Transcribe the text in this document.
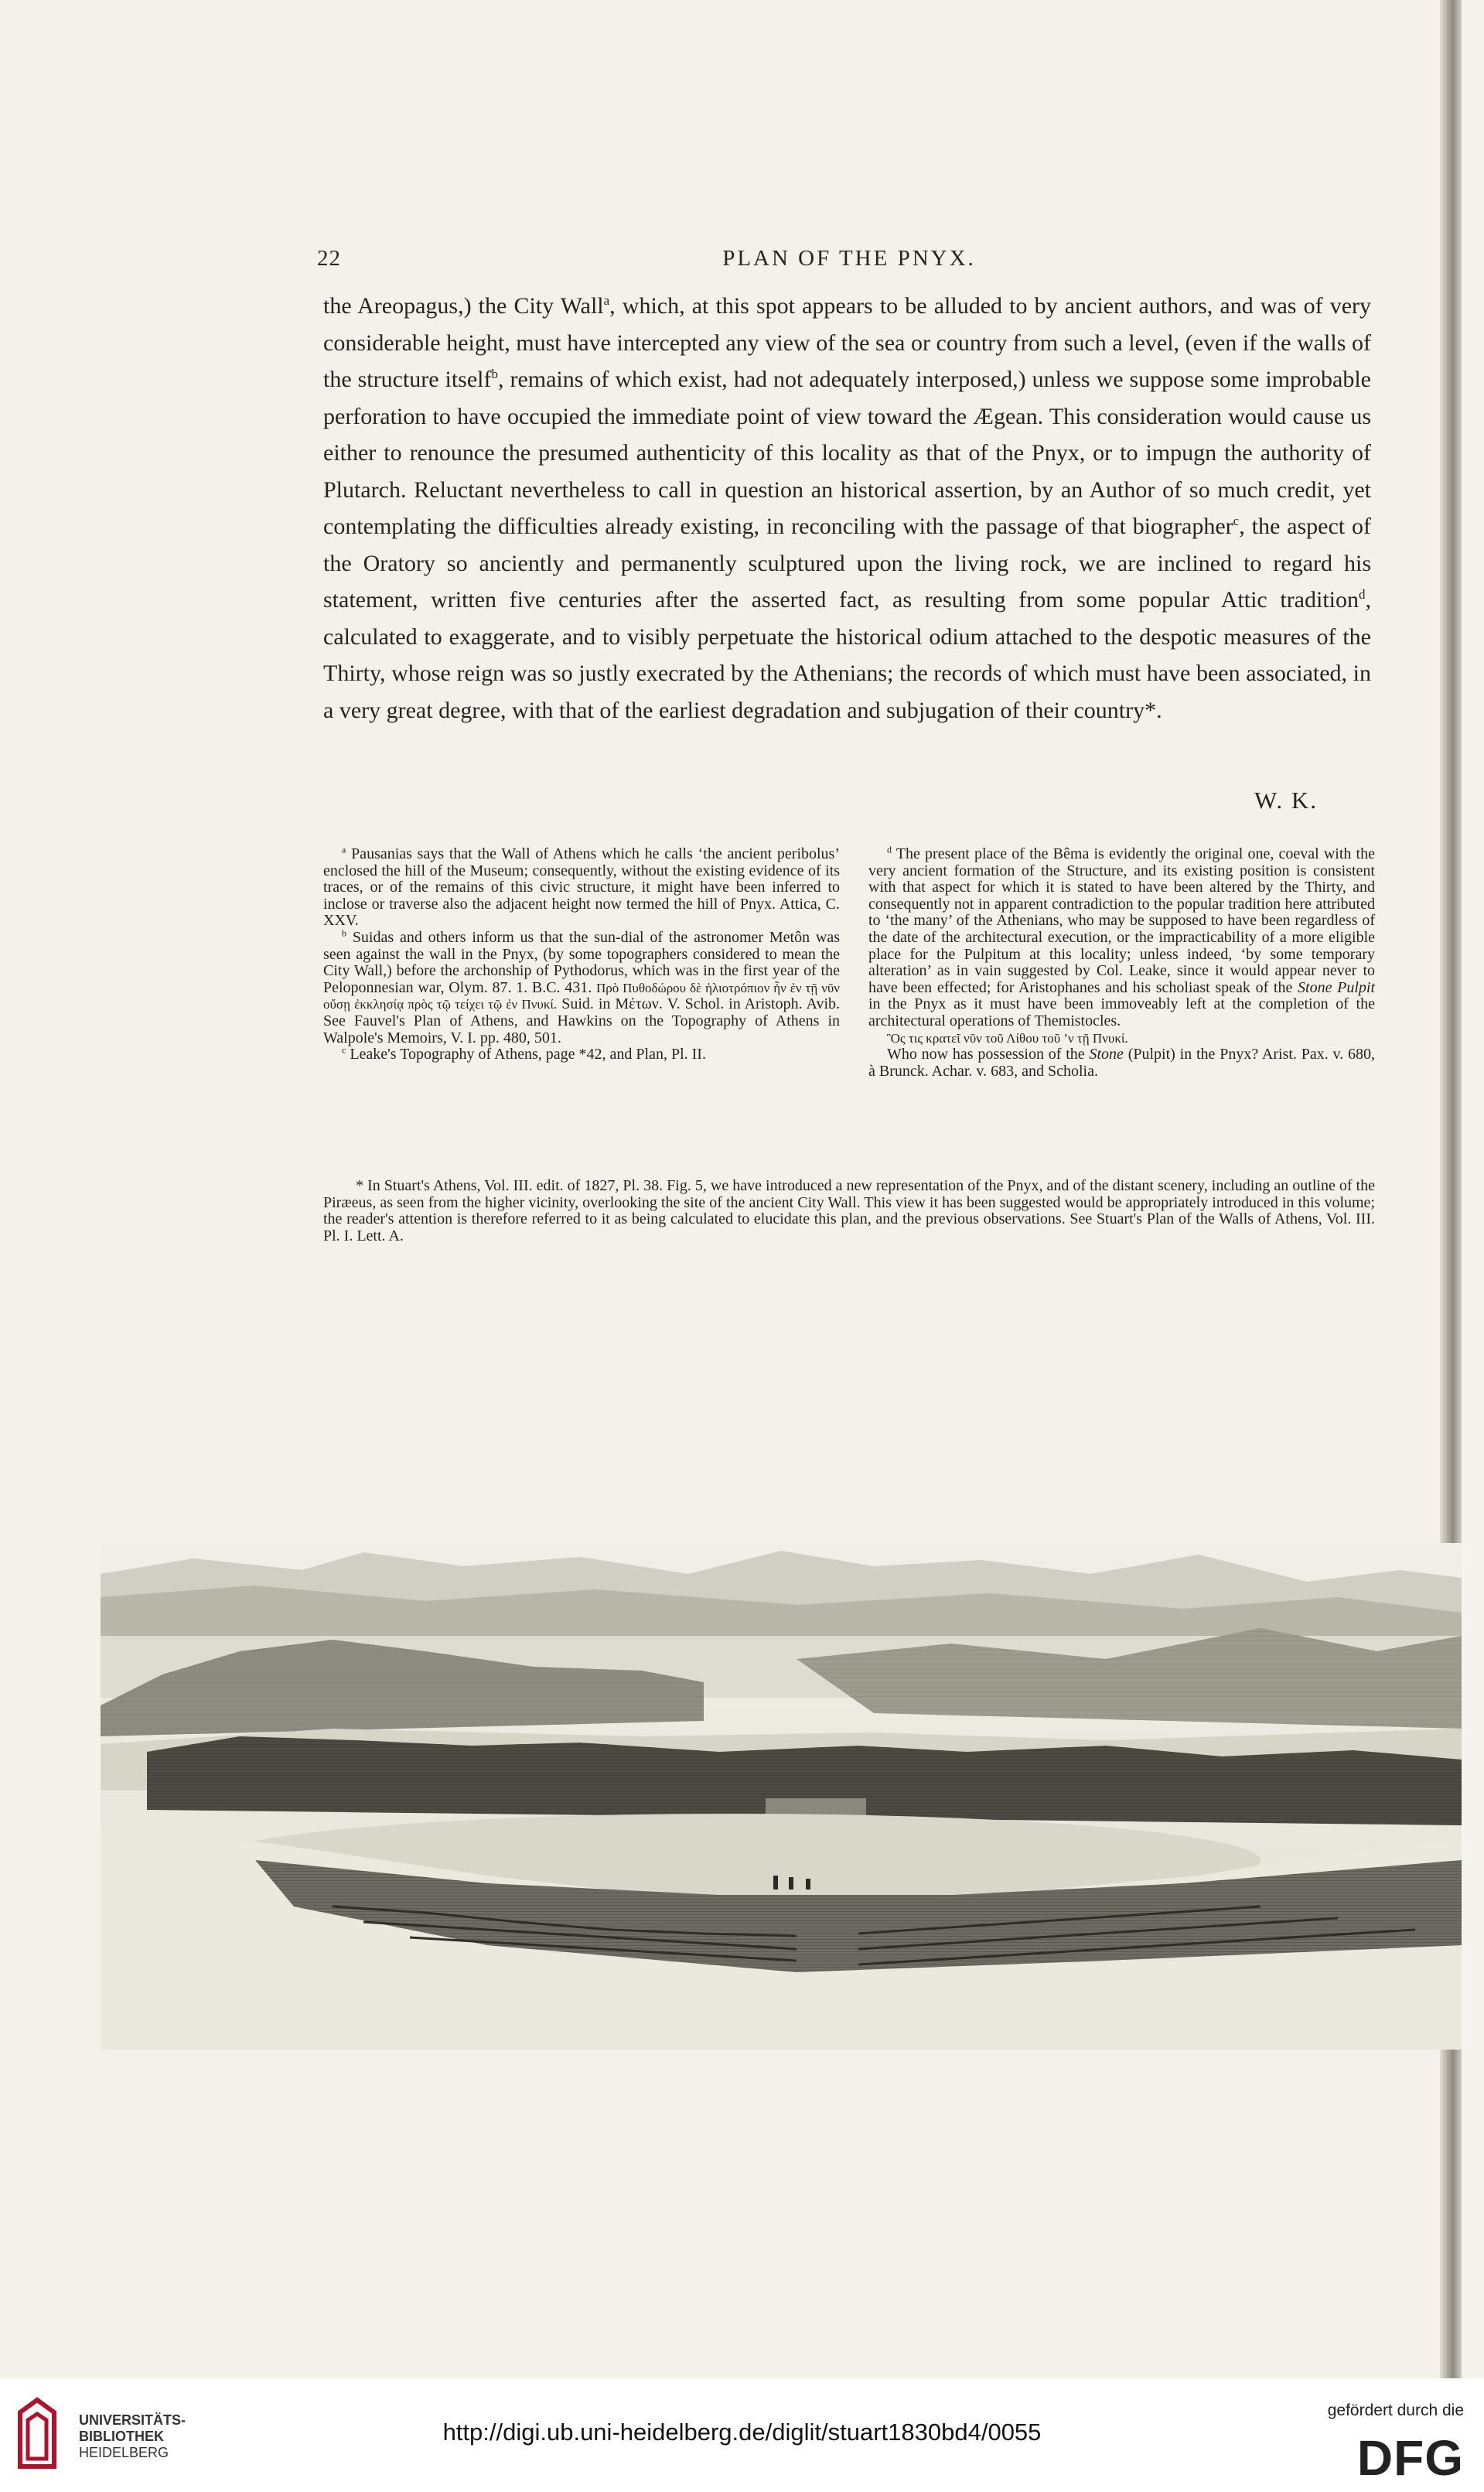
22	PLAN OF THE PNYX.
the Areopagus,) the City Wall$^a$, which, at this spot appears to be alluded to by ancient authors, and was of very considerable height, must have intercepted any view of the sea or country from such a level, (even if the walls of the structure itself$^b$, remains of which exist, had not adequately interposed,) unless we suppose some improbable perforation to have occupied the immediate point of view toward the Ægean. This consideration would cause us either to renounce the presumed authenticity of this locality as that of the Pnyx, or to impugn the authority of Plutarch. Reluctant nevertheless to call in question an historical assertion, by an Author of so much credit, yet contemplating the difficulties already existing, in reconciling with the passage of that biographer$^c$, the aspect of the Oratory so anciently and permanently sculptured upon the living rock, we are inclined to regard his statement, written five centuries after the asserted fact, as resulting from some popular Attic tradition$^d$, calculated to exaggerate, and to visibly perpetuate the historical odium attached to the despotic measures of the Thirty, whose reign was so justly execrated by the Athenians; the records of which must have been associated, in a very great degree, with that of the earliest degradation and subjugation of their country*.
W. K.

$^a$ Pausanias says that the Wall of Athens which he calls ‘the ancient peribolus’ enclosed the hill of the Museum; consequently, without the existing evidence of its traces, or of the remains of this civic structure, it might have been inferred to inclose or traverse also the adjacent height now termed the hill of Pnyx. Attica, C. XXV.

$^b$ Suidas and others inform us that the sun-dial of the astronomer Metôn was seen against the wall in the Pnyx, (by some topographers considered to mean the City Wall,) before the archonship of Pythodorus, which was in the first year of the Peloponnesian war, Olym. 87. 1. B.C. 431. Πρὸ Πυθοδώρου δὲ ἡλιοτρόπιον ἦν ἐν τῇ νῦν οὔσῃ ἐκκλησίᾳ πρὸς τῷ τείχει τῷ ἐν Πνυκί. Suid. in Μέτων. V. Schol. in Aristoph. Avib. See Fauvel's Plan of Athens, and Hawkins on the Topography of Athens in Walpole's Memoirs, V. I. pp. 480, 501.

$^c$ Leake's Topography of Athens, page *42, and Plan, Pl. II.

$^d$ The present place of the Bêma is evidently the original one, coeval with the very ancient formation of the Structure, and its existing position is consistent with that aspect for which it is stated to have been altered by the Thirty, and consequently not in apparent contradiction to the popular tradition here attributed to ‘the many’ of the Athenians, who may be supposed to have been regardless of the date of the architectural execution, or the impracticability of a more eligible place for the Pulpitum at this locality; unless indeed, ‘by some temporary alteration’ as in vain suggested by Col. Leake, since it would appear never to have been effected; for Aristophanes and his scholiast speak of the Stone Pulpit in the Pnyx as it must have been immoveably left at the completion of the architectural operations of Themistocles.

Ὃς τις κρατεῖ νῦν τοῦ Λίθου τοῦ ’ν τῇ Πνυκί.

Who now has possession of the Stone (Pulpit) in the Pnyx? Arist. Pax. v. 680, à Brunck. Achar. v. 683, and Scholia.

* In Stuart's Athens, Vol. III. edit. of 1827, Pl. 38. Fig. 5, we have introduced a new representation of the Pnyx, and of the distant scenery, including an outline of the Piræeus, as seen from the higher vicinity, overlooking the site of the ancient City Wall. This view it has been suggested would be appropriately introduced in this volume; the reader's attention is therefore referred to it as being calculated to elucidate this plan, and the previous observations. See Stuart's Plan of the Walls of Athens, Vol. III. Pl. I. Lett. A.

UNIVERSITÄTS-
BIBLIOTHEK
HEIDELBERG
http://digi.ub.uni-heidelberg.de/diglit/stuart1830bd4/0055
gefördert durch die
DFG
